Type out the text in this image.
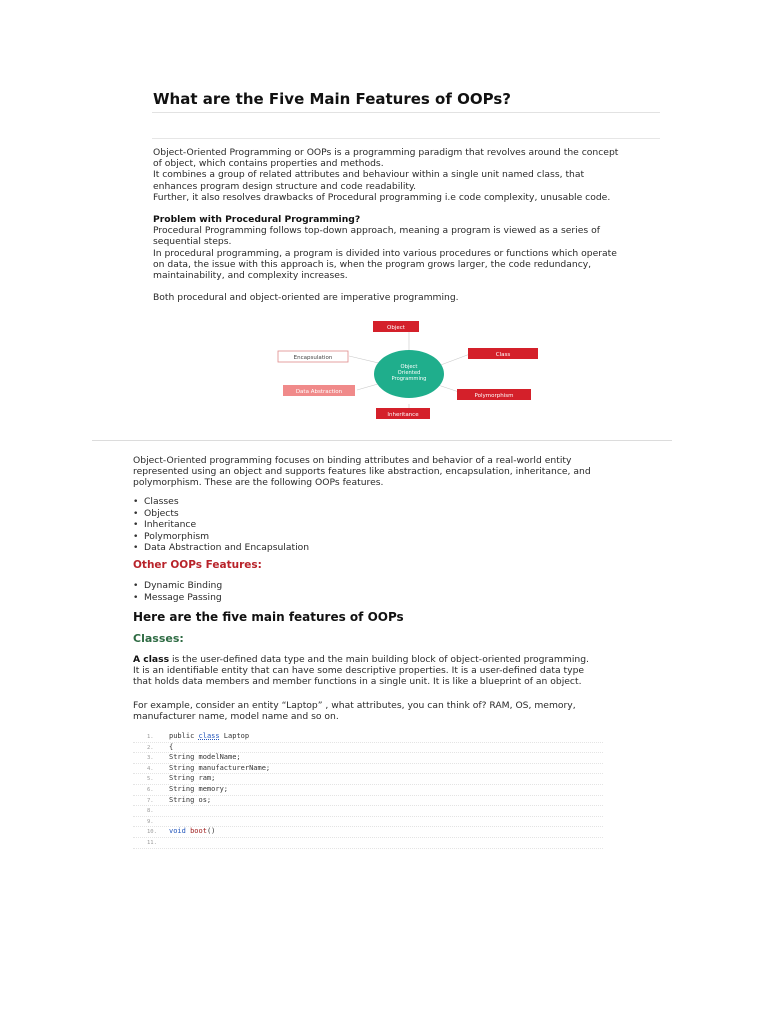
What are the Five Main Features of OOPs?

Object-Oriented Programming or OOPs is a programming paradigm that revolves around the concept

of object, which contains properties and methods.

It combines a group of related attributes and behaviour within a single unit named class, that

enhances program design structure and code readability.

Further, it also resolves drawbacks of Procedural programming i.e code complexity, unusable code.

Problem with Procedural Programming?

Procedural Programming follows top-down approach, meaning a program is viewed as a series of

sequential steps.

In procedural programming, a program is divided into various procedures or functions which operate

on data, the issue with this approach is, when the program grows larger, the code redundancy,

maintainability, and complexity increases.

Both procedural and object-oriented are imperative programming.

Object
Class
Polymorphism
Inheritance
Data Abstraction
Encapsulation
Object
Oriented
Programming

Object-Oriented programming focuses on binding attributes and behavior of a real-world entity

represented using an object and supports features like abstraction, encapsulation, inheritance, and

polymorphism. These are the following OOPs features.

• Classes
• Objects
• Inheritance
• Polymorphism
• Data Abstraction and Encapsulation

Other OOPs Features:

• Dynamic Binding
• Message Passing
Here are the five main features of OOPs
Classes:

A class is the user-defined data type and the main building block of object-oriented programming.

It is an identifiable entity that can have some descriptive properties. It is a user-defined data type

that holds data members and member functions in a single unit. It is like a blueprint of an object.

For example, consider an entity “Laptop” , what attributes, you can think of? RAM, OS, memory,

manufacturer name, model name and so on.

1. public class Laptop
2. {
3. String modelName;
4. String manufacturerName;
5. String ram;
6. String memory;
7. String os;
8.
9.
10. void boot()
11.
